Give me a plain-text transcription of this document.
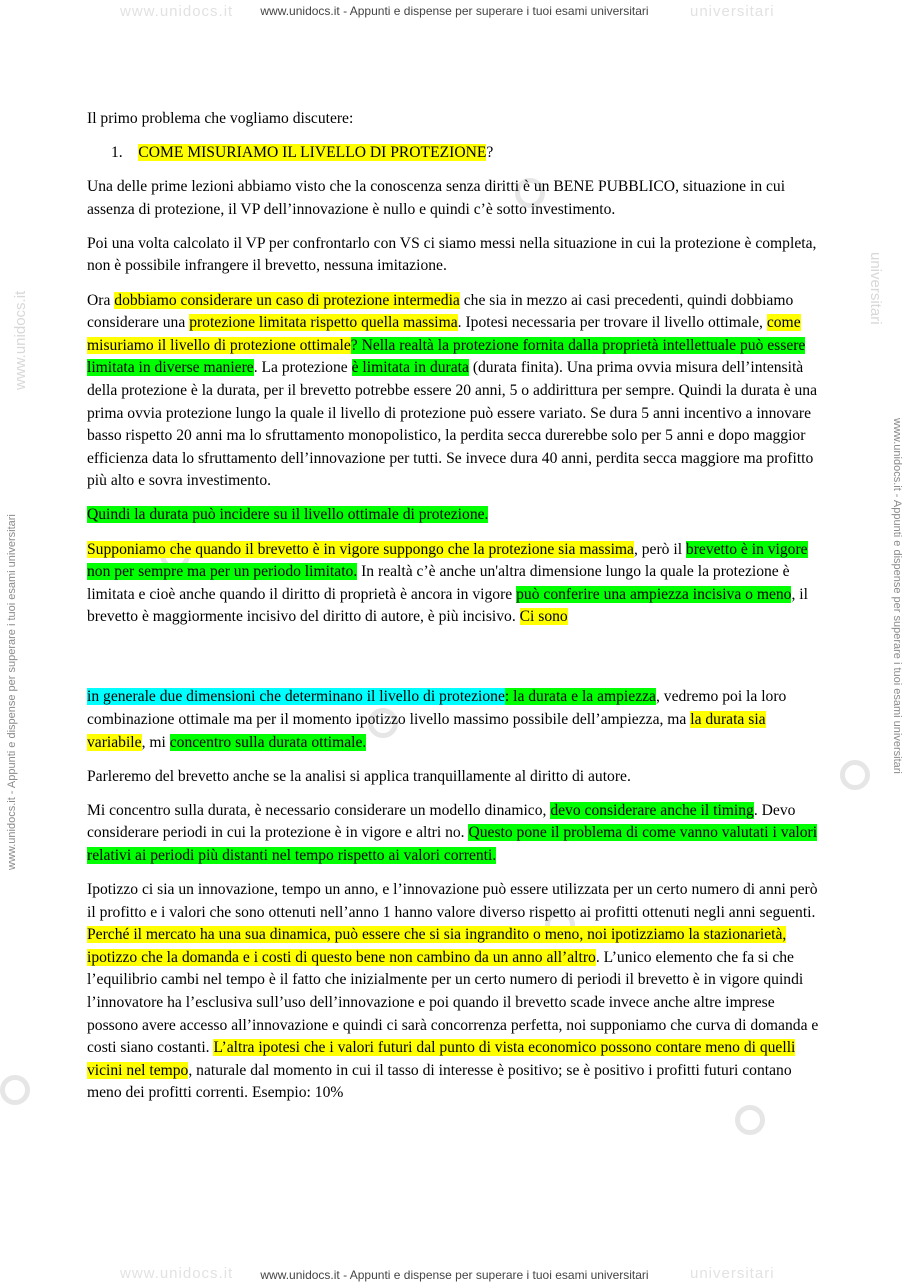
www.unidocs.it	universitari
www.unidocs.it - Appunti e dispense per superare i tuoi esami universitari
www.unidocs.it	universitari
www.unidocs.it - Appunti e dispense per superare i tuoi esami universitari
www.unidocs.it - Appunti e dispense per superare i tuoi esami universitari	www.unidocs.it - Appunti e dispense per superare i tuoi esami universitari
www.unidocs.it
universitari

Il primo problema che vogliamo discutere:

1. COME MISURIAMO IL LIVELLO DI PROTEZIONE?

Una delle prime lezioni abbiamo visto che la conoscenza senza diritti è un BENE PUBBLICO, situazione in cui assenza di protezione, il VP dell’innovazione è nullo e quindi c’è sotto investimento.

Poi una volta calcolato il VP per confrontarlo con VS ci siamo messi nella situazione in cui la protezione è completa, non è possibile infrangere il brevetto, nessuna imitazione.

Ora dobbiamo considerare un caso di protezione intermedia che sia in mezzo ai casi precedenti, quindi dobbiamo considerare una protezione limitata rispetto quella massima. Ipotesi necessaria per trovare il livello ottimale, come misuriamo il livello di protezione ottimale? Nella realtà la protezione fornita dalla proprietà intellettuale può essere limitata in diverse maniere. La protezione è limitata in durata (durata finita). Una prima ovvia misura dell’intensità della protezione è la durata, per il brevetto potrebbe essere 20 anni, 5 o addirittura per sempre. Quindi la durata è una prima ovvia protezione lungo la quale il livello di protezione può essere variato. Se dura 5 anni incentivo a innovare basso rispetto 20 anni ma lo sfruttamento monopolistico, la perdita secca durerebbe solo per 5 anni e dopo maggior efficienza data lo sfruttamento dell’innovazione per tutti. Se invece dura 40 anni, perdita secca maggiore ma profitto più alto e sovra investimento.

Quindi la durata può incidere su il livello ottimale di protezione.

Supponiamo che quando il brevetto è in vigore suppongo che la protezione sia massima, però il brevetto è in vigore non per sempre ma per un periodo limitato. In realtà c’è anche un'altra dimensione lungo la quale la protezione è limitata e cioè anche quando il diritto di proprietà è ancora in vigore può conferire una ampiezza incisiva o meno, il brevetto è maggiormente incisivo del diritto di autore, è più incisivo. Ci sono

in generale due dimensioni che determinano il livello di protezione: la durata e la ampiezza, vedremo poi la loro combinazione ottimale ma per il momento ipotizzo livello massimo possibile dell’ampiezza, ma la durata sia variabile, mi concentro sulla durata ottimale.

Parleremo del brevetto anche se la analisi si applica tranquillamente al diritto di autore.

Mi concentro sulla durata, è necessario considerare un modello dinamico, devo considerare anche il timing. Devo considerare periodi in cui la protezione è in vigore e altri no. Questo pone il problema di come vanno valutati i valori relativi ai periodi più distanti nel tempo rispetto ai valori correnti.

Ipotizzo ci sia un innovazione, tempo un anno, e l’innovazione può essere utilizzata per un certo numero di anni però il profitto e i valori che sono ottenuti nell’anno 1 hanno valore diverso rispetto ai profitti ottenuti negli anni seguenti. Perché il mercato ha una sua dinamica, può essere che si sia ingrandito o meno, noi ipotizziamo la stazionarietà, ipotizzo che la domanda e i costi di questo bene non cambino da un anno all’altro. L’unico elemento che fa si che l’equilibrio cambi nel tempo è il fatto che inizialmente per un certo numero di periodi il brevetto è in vigore quindi l’innovatore ha l’esclusiva sull’uso dell’innovazione e poi quando il brevetto scade invece anche altre imprese possono avere accesso all’innovazione e quindi ci sarà concorrenza perfetta, noi supponiamo che curva di domanda e costi siano costanti. L’altra ipotesi che i valori futuri dal punto di vista economico possono contare meno di quelli vicini nel tempo, naturale dal momento in cui il tasso di interesse è positivo; se è positivo i profitti futuri contano meno dei profitti correnti. Esempio: 10%
